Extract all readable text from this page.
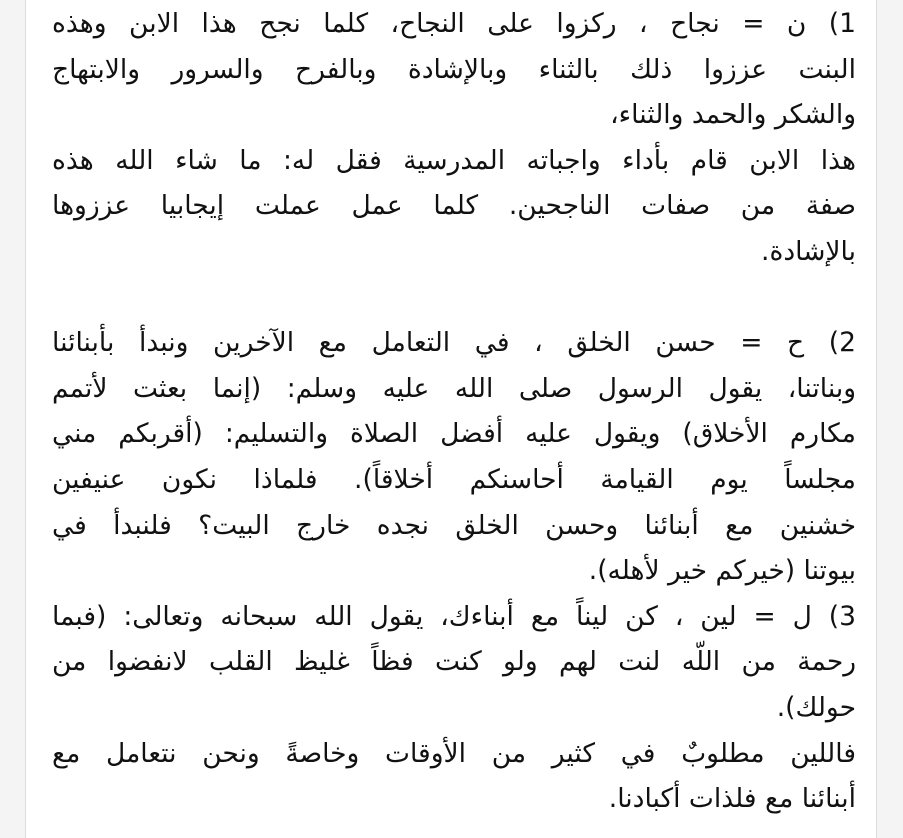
1) ن = نجاح ، ركزوا على النجاح، كلما نجح هذا الابن وهذه
البنت عززوا ذلك بالثناء وبالإشادة وبالفرح والسرور والابتهاج
والشكر والحمد والثناء،
هذا الابن قام بأداء واجباته المدرسية فقل له: ما شاء الله هذه
صفة من صفات الناجحين. كلما عمل عملت إيجابيا عززوها
بالإشادة.
2) ح = حسن الخلق ، في التعامل مع الآخرين ونبدأ بأبنائنا
وبناتنا، يقول الرسول صلى الله عليه وسلم: (إنما بعثت لأتمم
مكارم الأخلاق) ويقول عليه أفضل الصلاة والتسليم: (أقربكم مني
مجلساً يوم القيامة أحاسنكم أخلاقاً). فلماذا نكون عنيفين
خشنين مع أبنائنا وحسن الخلق نجده خارج البيت؟ فلنبدأ في
بيوتنا (خيركم خير لأهله).
3) ل = لين ، كن ليناً مع أبناءك، يقول الله سبحانه وتعالى: (فبما
رحمة من اللّه لنت لهم ولو كنت فظاً غليظ القلب لانفضوا من
حولك).
فاللين مطلوبٌ في كثير من الأوقات وخاصةً ونحن نتعامل مع
أبنائنا مع فلذات أكبادنا.
